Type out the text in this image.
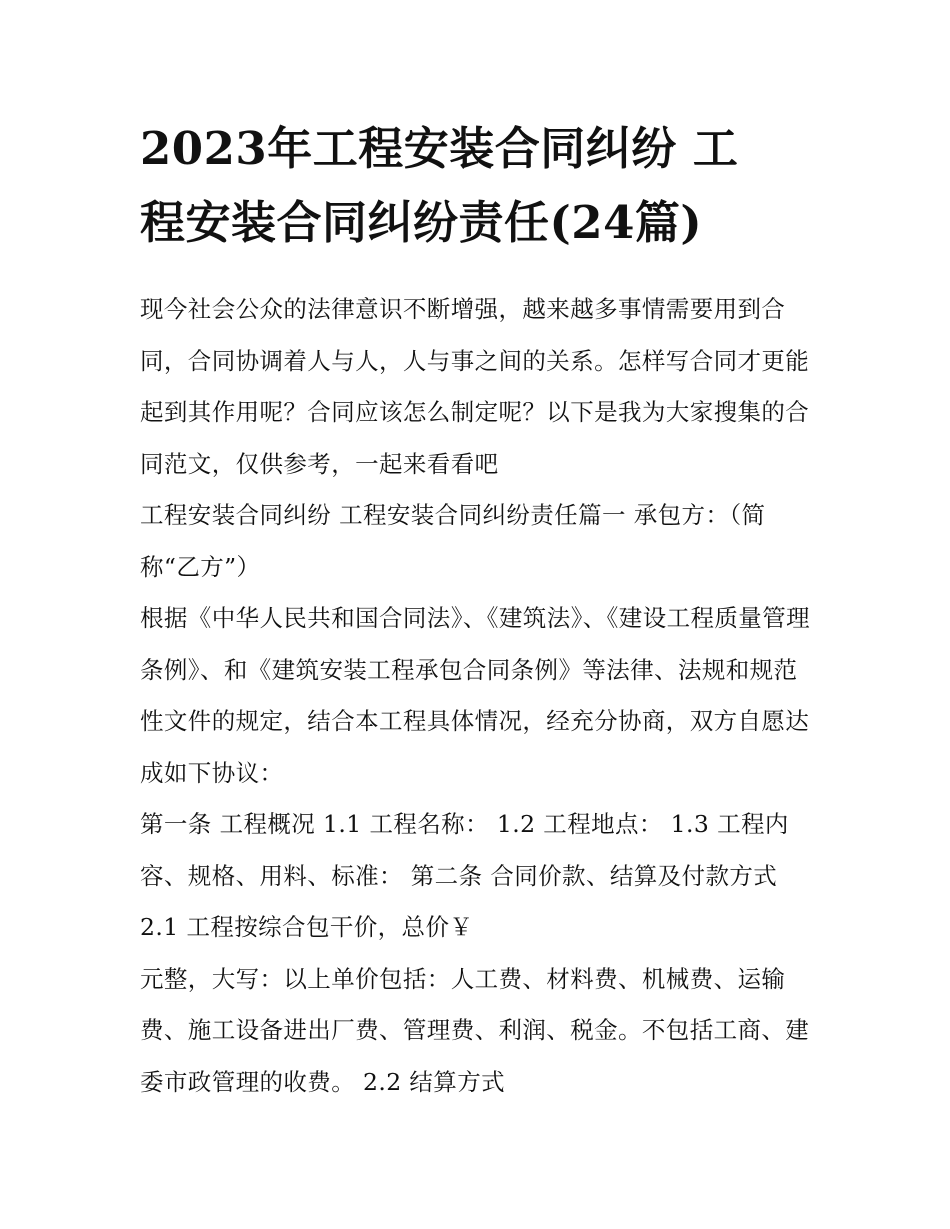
2023年工程安装合同纠纷 工
程安装合同纠纷责任(24篇)

现今社会公众的法律意识不断增强，越来越多事情需要用到合同，合同协调着人与人，人与事之间的关系。怎样写合同才更能起到其作用呢？合同应该怎么制定呢？以下是我为大家搜集的合同范文，仅供参考，一起来看看吧

工程安装合同纠纷 工程安装合同纠纷责任篇一 承包方：（简称“乙方”）

根据《中华人民共和国合同法》、《建筑法》、《建设工程质量管理条例》、和《建筑安装工程承包合同条例》等法律、法规和规范性文件的规定，结合本工程具体情况，经充分协商，双方自愿达成如下协议：

第一条 工程概况 1.1 工程名称： 1.2 工程地点： 1.3 工程内容、规格、用料、标准： 第二条 合同价款、结算及付款方式 2.1 工程按综合包干价，总价￥

元整，大写：以上单价包括：人工费、材料费、机械费、运输费、施工设备进出厂费、管理费、利润、税金。不包括工商、建委市政管理的收费。 2.2 结算方式
